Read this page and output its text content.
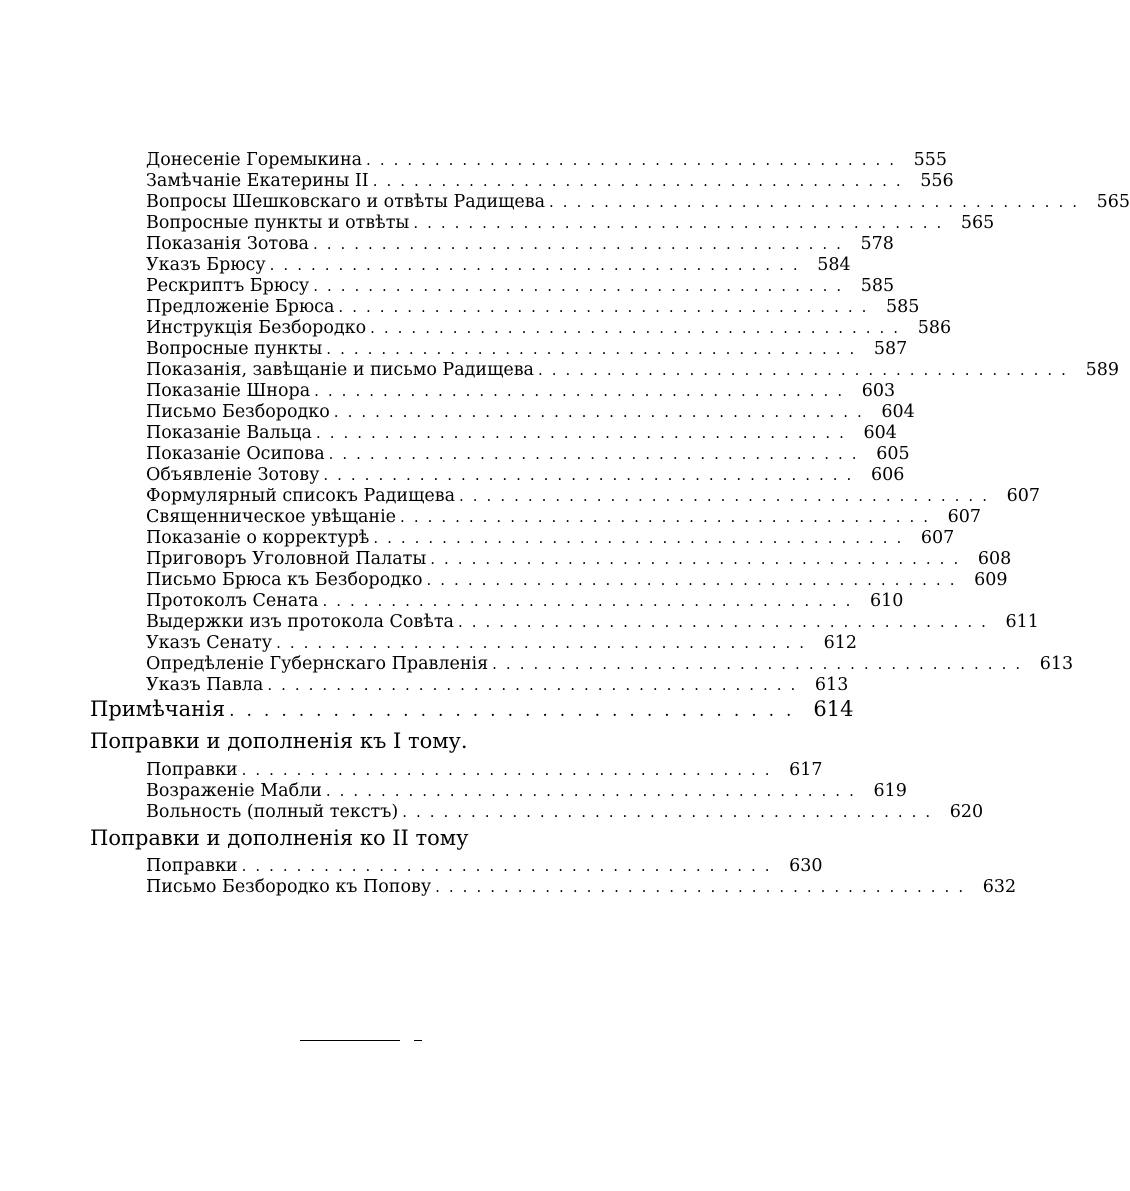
Донесеніе Горемыкина ....................................... 555
Замѣчаніе Екатерины II ....................................... 556
Вопросы Шешковскаго и отвѣты Радищева ....................................... 565
Вопросные пункты и отвѣты ....................................... 565
Показанія Зотова ....................................... 578
Указъ Брюсу ....................................... 584
Рескриптъ Брюсу ....................................... 585
Предложеніе Брюса ....................................... 585
Инструкція Безбородко ....................................... 586
Вопросные пункты ....................................... 587
Показанія, завѣщаніе и письмо Радищева ....................................... 589
Показаніе Шнора ....................................... 603
Письмо Безбородко ....................................... 604
Показаніе Вальца ....................................... 604
Показаніе Осипова ....................................... 605
Объявленіе Зотову ....................................... 606
Формулярный списокъ Радищева ....................................... 607
Священническое увѣщаніе ....................................... 607
Показаніе о корректурѣ ....................................... 607
Приговоръ Уголовной Палаты ....................................... 608
Письмо Брюса къ Безбородко ....................................... 609
Протоколъ Сената ....................................... 610
Выдержки изъ протокола Совѣта ....................................... 611
Указъ Сенату ....................................... 612
Опредѣленіе Губернскаго Правленія ....................................... 613
Указъ Павла ....................................... 613
Примѣчанія ................................. 614
Поправки и дополненія къ I тому.
Поправки ....................................... 617
Возраженіе Мабли ....................................... 619
Вольность (полный текстъ) ....................................... 620
Поправки и дополненія ко II тому
Поправки ....................................... 630
Письмо Безбородко къ Попову ....................................... 632
